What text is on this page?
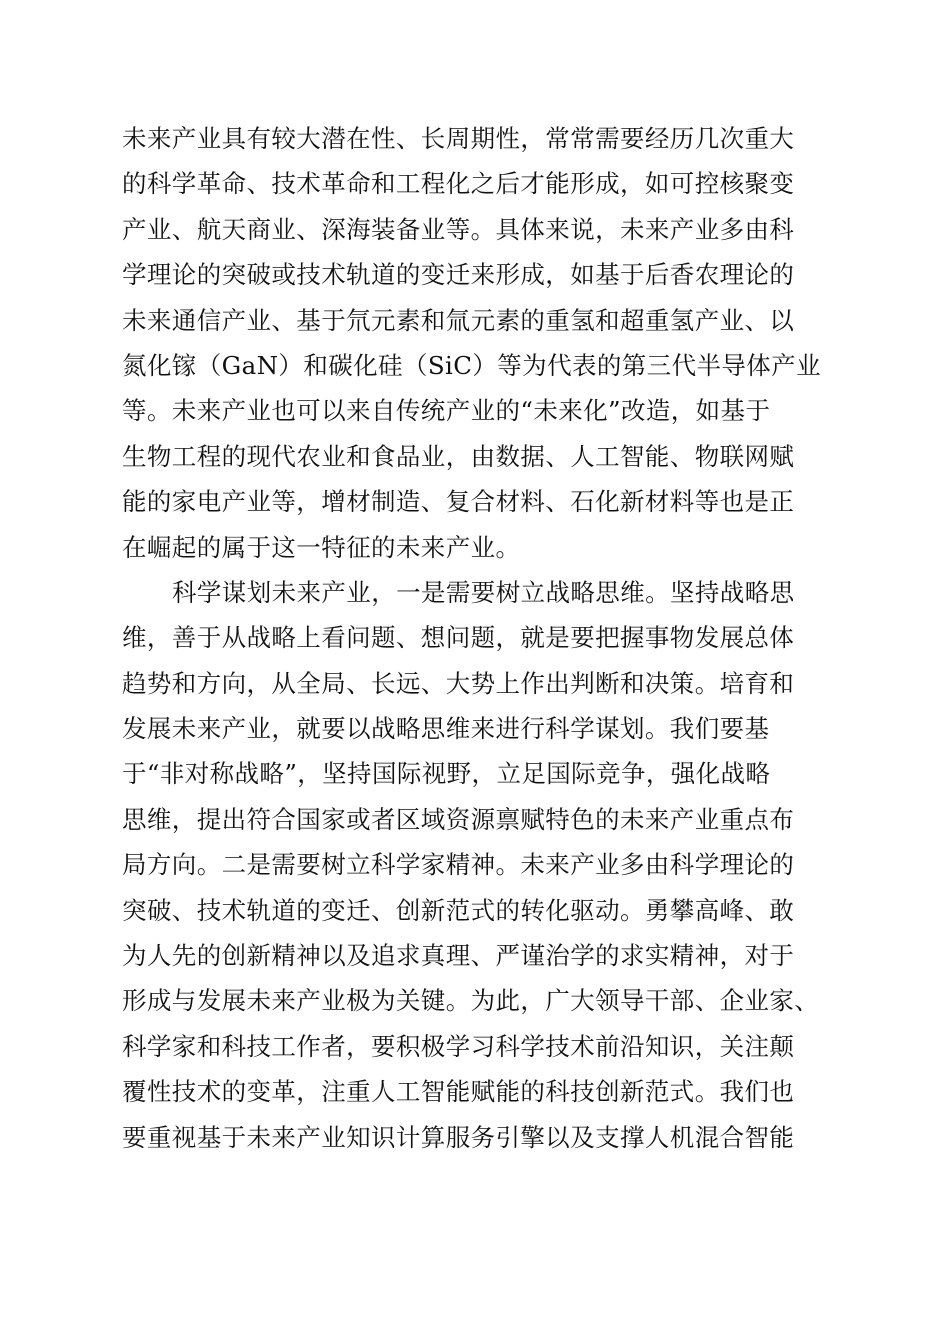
未来产业具有较大潜在性、长周期性，常常需要经历几次重大
的科学革命、技术革命和工程化之后才能形成，如可控核聚变
产业、航天商业、深海装备业等。具体来说，未来产业多由科
学理论的突破或技术轨道的变迁来形成，如基于后香农理论的
未来通信产业、基于氘元素和氚元素的重氢和超重氢产业、以
氮化镓（GaN）和碳化硅（SiC）等为代表的第三代半导体产业
等。未来产业也可以来自传统产业的“未来化”改造，如基于
生物工程的现代农业和食品业，由数据、人工智能、物联网赋
能的家电产业等，增材制造、复合材料、石化新材料等也是正
在崛起的属于这一特征的未来产业。
科学谋划未来产业，一是需要树立战略思维。坚持战略思
维，善于从战略上看问题、想问题，就是要把握事物发展总体
趋势和方向，从全局、长远、大势上作出判断和决策。培育和
发展未来产业，就要以战略思维来进行科学谋划。我们要基
于“非对称战略”，坚持国际视野，立足国际竞争，强化战略
思维，提出符合国家或者区域资源禀赋特色的未来产业重点布
局方向。二是需要树立科学家精神。未来产业多由科学理论的
突破、技术轨道的变迁、创新范式的转化驱动。勇攀高峰、敢
为人先的创新精神以及追求真理、严谨治学的求实精神，对于
形成与发展未来产业极为关键。为此，广大领导干部、企业家、
科学家和科技工作者，要积极学习科学技术前沿知识，关注颠
覆性技术的变革，注重人工智能赋能的科技创新范式。我们也
要重视基于未来产业知识计算服务引擎以及支撑人机混合智能
